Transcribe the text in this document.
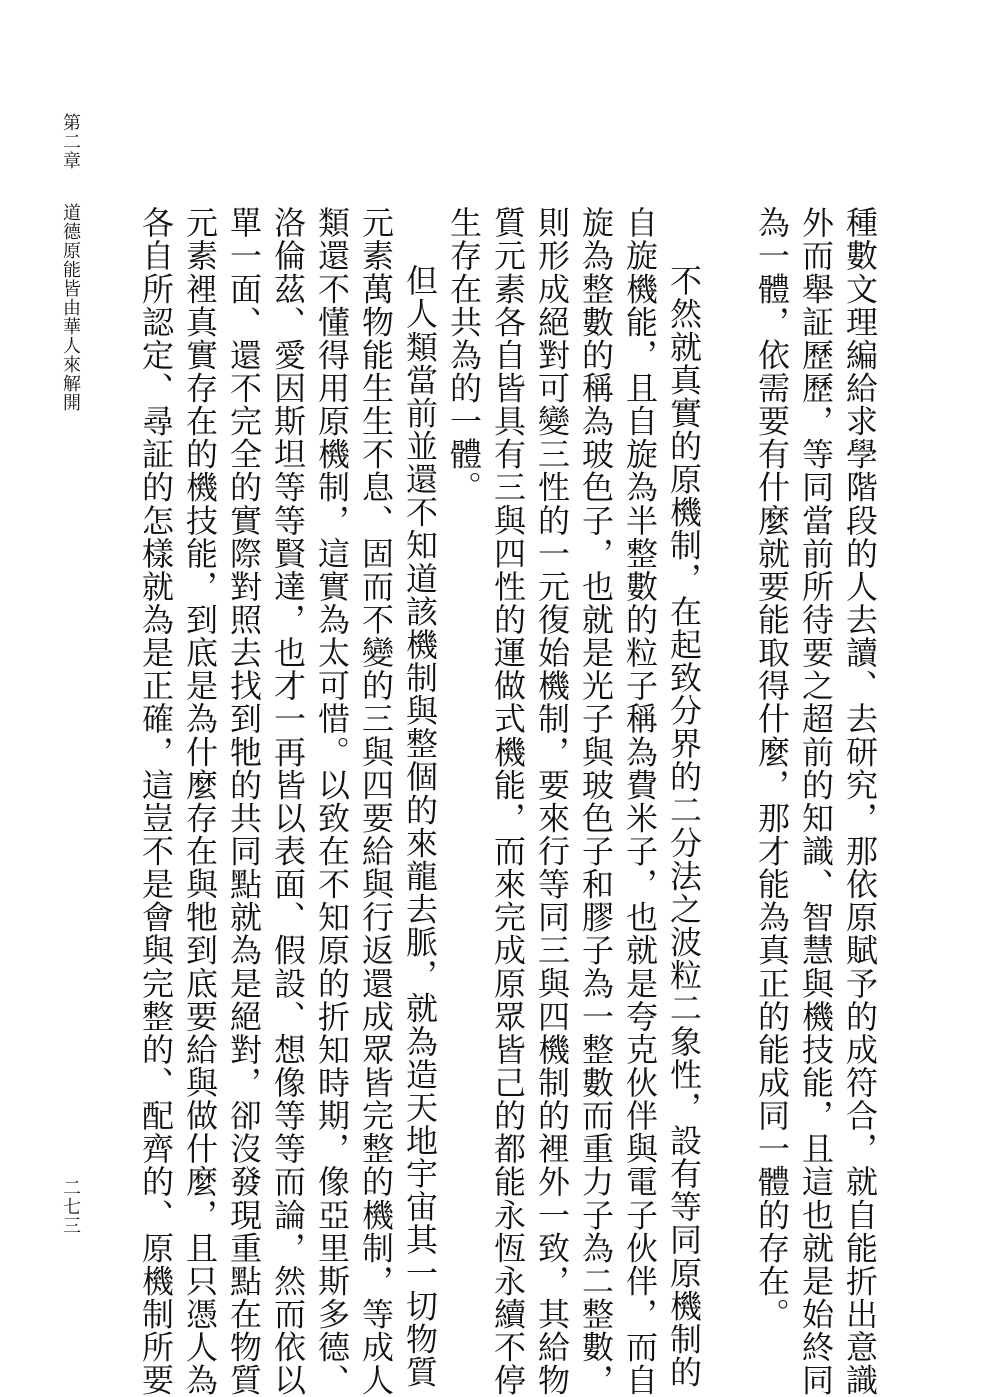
第二章
道德原能皆由華人來解開
二七三	種數文理編給求學階段的人去讀、去研究，那依原賦予的成符合，就自能折出意識
外而舉証歷歷，等同當前所待要之超前的知識、智慧與機技能，且這也就是始終同
為一體，依需要有什麼就要能取得什麼，那才能為真正的能成同一體的存在。
不然就真實的原機制，在起致分界的二分法之波粒二象性，設有等同原機制的
自旋機能，且自旋為半整數的粒子稱為費米子，也就是夸克伙伴與電子伙伴，而自
旋為整數的稱為玻色子，也就是光子與玻色子和膠子為一整數而重力子為二整數，
則形成絕對可變三性的一元復始機制，要來行等同三與四機制的裡外一致，其給物
質元素各自皆具有三與四性的運做式機能，而來完成原眾皆己的都能永恆永續不停
生存在共為的一體。
但人類當前並還不知道該機制與整個的來龍去脈，就為造天地宇宙其一切物質
元素萬物能生生不息、固而不變的三與四要給與行返還成眾皆完整的機制，等成人
類還不懂得用原機制，這實為太可惜。以致在不知原的折知時期，像亞里斯多德、
洛倫茲、愛因斯坦等等賢達，也才一再皆以表面、假設、想像等等而論，然而依以
單一面、還不完全的實際對照去找到牠的共同點就為是絕對，卻沒發現重點在物質
元素裡真實存在的機技能，到底是為什麼存在與牠到底要給與做什麼，且只憑人為
各自所認定、尋証的怎樣就為是正確，這豈不是會與完整的、配齊的、原機制所要
